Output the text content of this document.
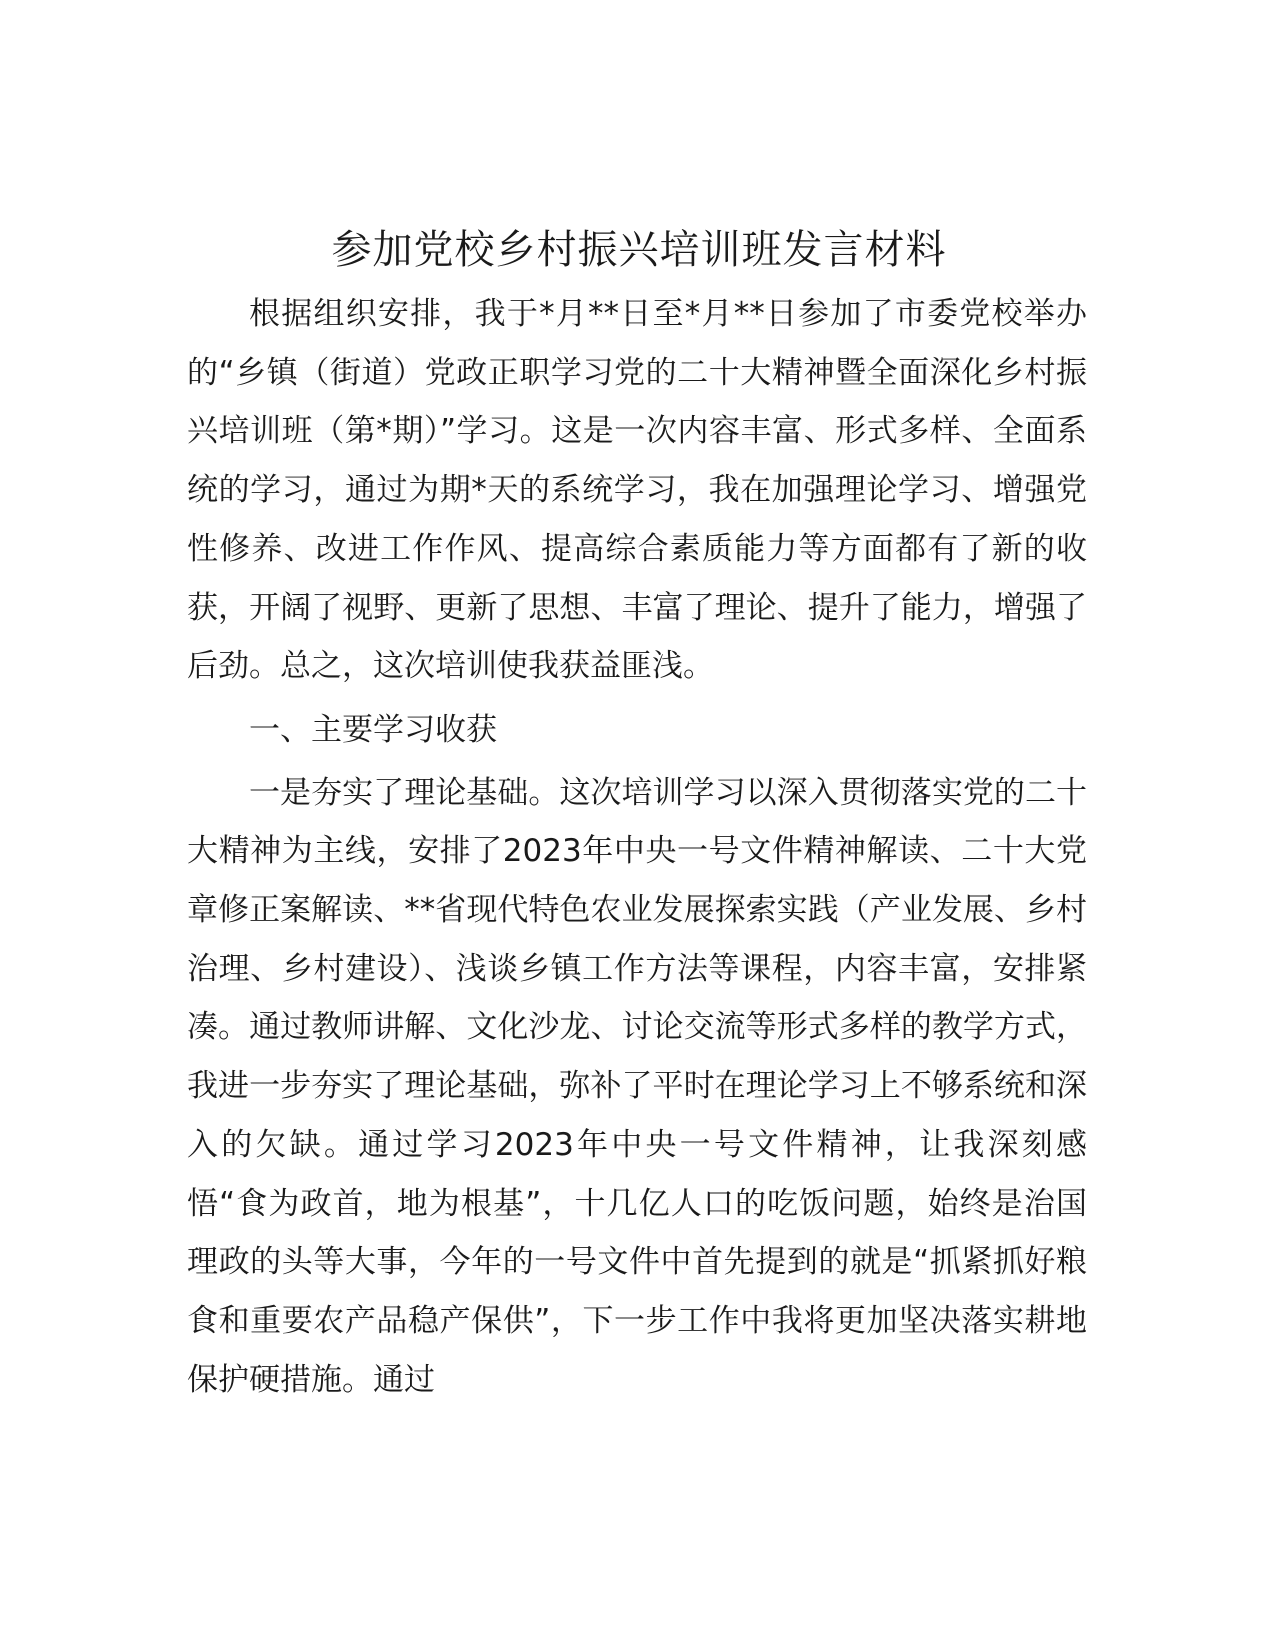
参加党校乡村振兴培训班发言材料

根据组织安排，我于*月**日至*月**日参加了市委党校举办的“乡镇（街道）党政正职学习党的二十大精神暨全面深化乡村振兴培训班（第*期）”学习。这是一次内容丰富、形式多样、全面系统的学习，通过为期*天的系统学习，我在加强理论学习、增强党性修养、改进工作作风、提高综合素质能力等方面都有了新的收获，开阔了视野、更新了思想、丰富了理论、提升了能力，增强了后劲。总之，这次培训使我获益匪浅。

一、主要学习收获

一是夯实了理论基础。这次培训学习以深入贯彻落实党的二十大精神为主线，安排了2023年中央一号文件精神解读、二十大党章修正案解读、**省现代特色农业发展探索实践（产业发展、乡村治理、乡村建设）、浅谈乡镇工作方法等课程，内容丰富，安排紧凑。通过教师讲解、文化沙龙、讨论交流等形式多样的教学方式，我进一步夯实了理论基础，弥补了平时在理论学习上不够系统和深入的欠缺。通过学习2023年中央一号文件精神，让我深刻感悟“食为政首，地为根基”，十几亿人口的吃饭问题，始终是治国理政的头等大事，今年的一号文件中首先提到的就是“抓紧抓好粮食和重要农产品稳产保供”，下一步工作中我将更加坚决落实耕地保护硬措施。通过
